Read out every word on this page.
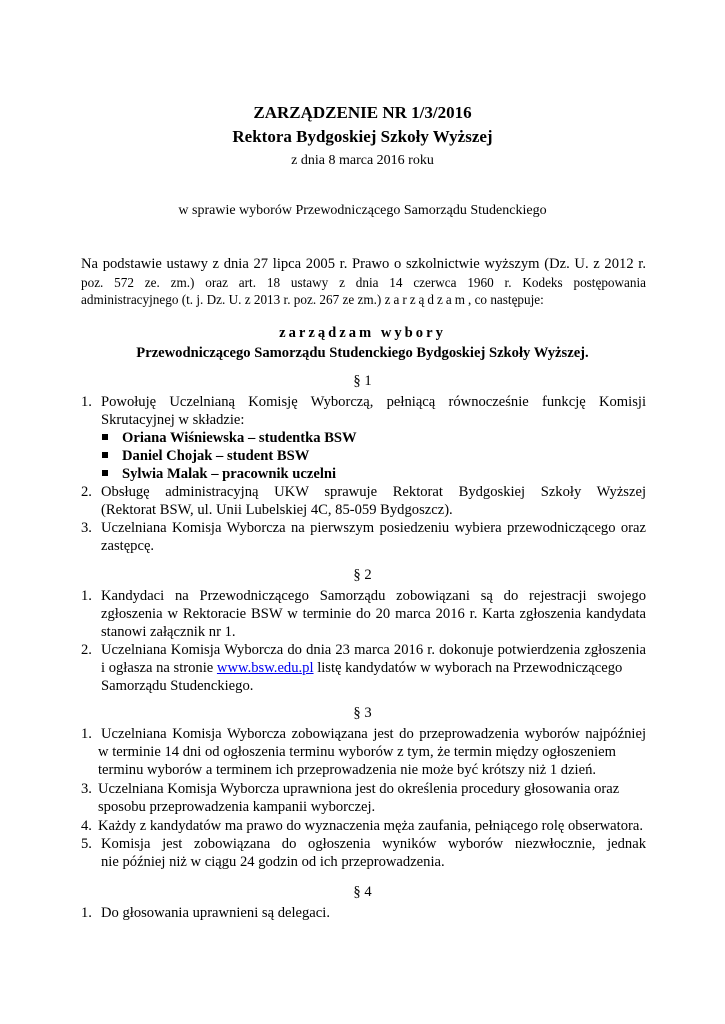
ZARZĄDZENIE NR 1/3/2016
Rektora Bydgoskiej Szkoły Wyższej
z dnia 8 marca 2016 roku
w sprawie wyborów Przewodniczącego Samorządu Studenckiego
Na podstawie ustawy z dnia 27 lipca 2005 r. Prawo o szkolnictwie wyższym (Dz. U. z 2012 r.
poz. 572 ze. zm.) oraz art. 18 ustawy z dnia 14 czerwca 1960 r. Kodeks postępowania
administracyjnego (t. j. Dz. U. z 2013 r. poz. 267 ze zm.) zarządzam, co następuje:
zarządzam wybory
Przewodniczącego Samorządu Studenckiego Bydgoskiej Szkoły Wyższej.
§ 1
1. Powołuję Uczelnianą Komisję Wyborczą, pełniącą równocześnie funkcję Komisji
Skrutacyjnej w składzie:
Oriana Wiśniewska – studentka BSW
Daniel Chojak – student BSW
Sylwia Malak – pracownik uczelni
2. Obsługę administracyjną UKW sprawuje Rektorat Bydgoskiej Szkoły Wyższej
(Rektorat BSW, ul. Unii Lubelskiej 4C, 85-059 Bydgoszcz).
3. Uczelniana Komisja Wyborcza na pierwszym posiedzeniu wybiera przewodniczącego oraz
zastępcę.
§ 2
1. Kandydaci na Przewodniczącego Samorządu zobowiązani są do rejestracji swojego
zgłoszenia w Rektoracie BSW w terminie do 20 marca 2016 r. Karta zgłoszenia kandydata
stanowi załącznik nr 1.
2. Uczelniana Komisja Wyborcza do dnia 23 marca 2016 r. dokonuje potwierdzenia zgłoszenia
i ogłasza na stronie www.bsw.edu.pl listę kandydatów w wyborach na Przewodniczącego
Samorządu Studenckiego.
§ 3
1. Uczelniana Komisja Wyborcza zobowiązana jest do przeprowadzenia wyborów najpóźniej
w terminie 14 dni od ogłoszenia terminu wyborów z tym, że termin między ogłoszeniem
terminu wyborów a terminem ich przeprowadzenia nie może być krótszy niż 1 dzień.
3. Uczelniana Komisja Wyborcza uprawniona jest do określenia procedury głosowania oraz
sposobu przeprowadzenia kampanii wyborczej.
4. Każdy z kandydatów ma prawo do wyznaczenia męża zaufania, pełniącego rolę obserwatora.
5. Komisja jest zobowiązana do ogłoszenia wyników wyborów niezwłocznie, jednak
nie później niż w ciągu 24 godzin od ich przeprowadzenia.
§ 4
1. Do głosowania uprawnieni są delegaci.
